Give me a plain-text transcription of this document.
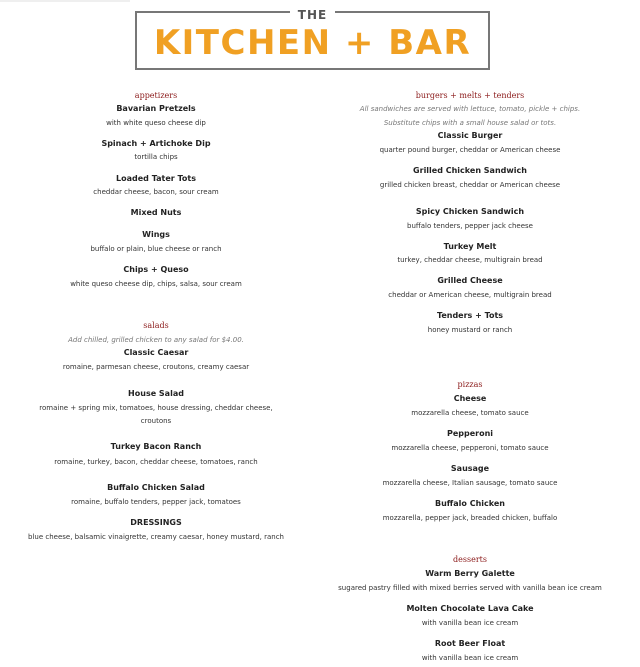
THE
KITCHEN + BAR
appetizers
Bavarian Pretzels
with white queso cheese dip
Spinach + Artichoke Dip
tortilla chips
Loaded Tater Tots
cheddar cheese, bacon, sour cream
Mixed Nuts
Wings
buffalo or plain, blue cheese or ranch
Chips + Queso
white queso cheese dip, chips, salsa, sour cream
salads
Add chilled, grilled chicken to any salad for $4.00.
Classic Caesar
romaine, parmesan cheese, croutons, creamy caesar
House Salad
romaine + spring mix, tomatoes, house dressing, cheddar cheese,
croutons
Turkey Bacon Ranch
romaine, turkey, bacon, cheddar cheese, tomatoes, ranch
Buffalo Chicken Salad
romaine, buffalo tenders, pepper jack, tomatoes
DRESSINGS
blue cheese, balsamic vinaigrette, creamy caesar, honey mustard, ranch
burgers + melts + tenders
All sandwiches are served with lettuce, tomato, pickle + chips.
Substitute chips with a small house salad or tots.
Classic Burger
quarter pound burger, cheddar or American cheese
Grilled Chicken Sandwich
grilled chicken breast, cheddar or American cheese
Spicy Chicken Sandwich
buffalo tenders, pepper jack cheese
Turkey Melt
turkey, cheddar cheese, multigrain bread
Grilled Cheese
cheddar or American cheese, multigrain bread
Tenders + Tots
honey mustard or ranch
pizzas
Cheese
mozzarella cheese, tomato sauce
Pepperoni
mozzarella cheese, pepperoni, tomato sauce
Sausage
mozzarella cheese, Italian sausage, tomato sauce
Buffalo Chicken
mozzarella, pepper jack, breaded chicken, buffalo
desserts
Warm Berry Galette
sugared pastry filled with mixed berries served with vanilla bean ice cream
Molten Chocolate Lava Cake
with vanilla bean ice cream
Root Beer Float
with vanilla bean ice cream
